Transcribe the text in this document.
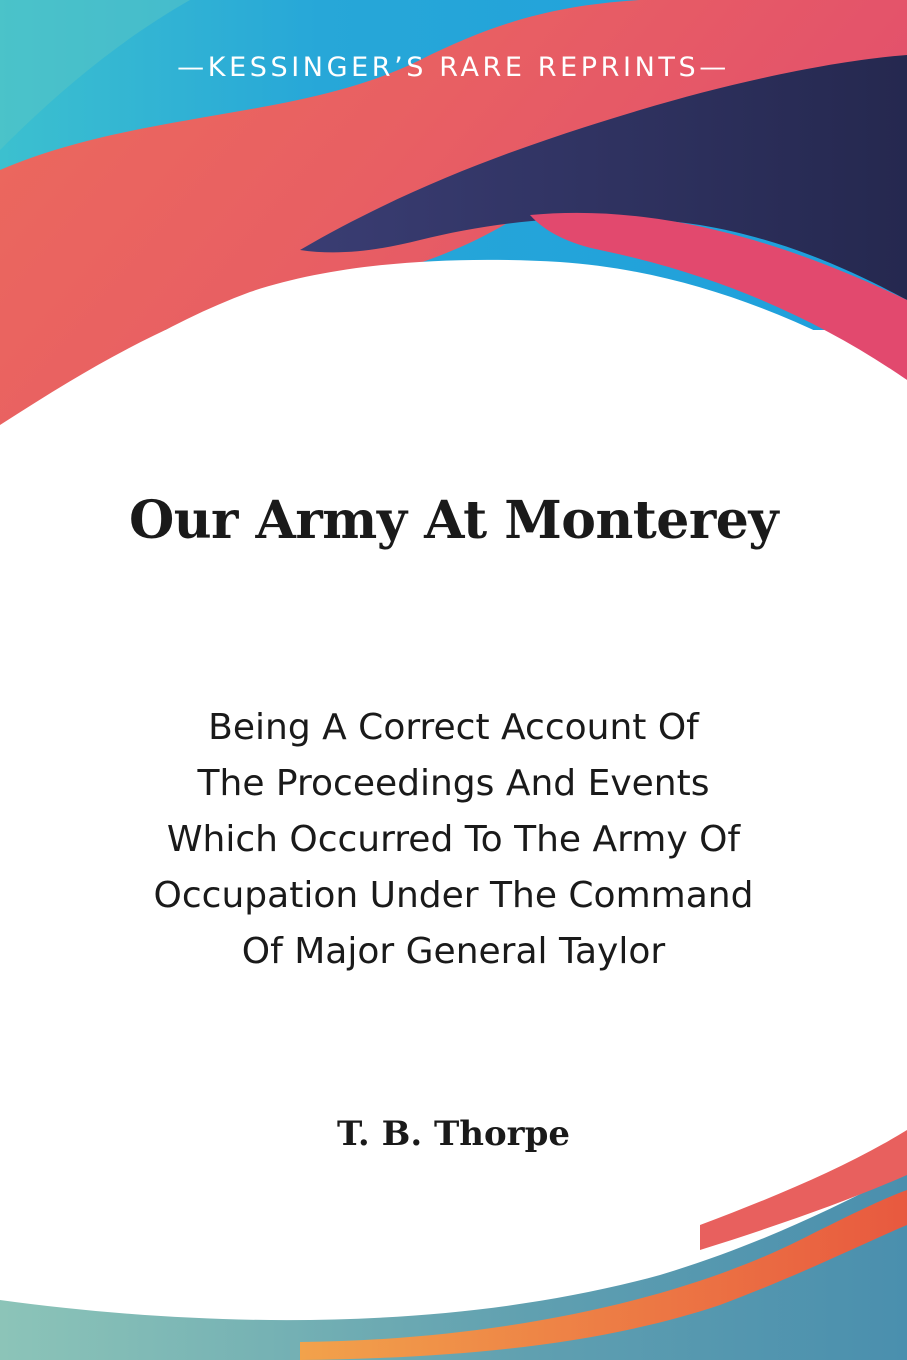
—KESSINGER’S RARE REPRINTS—
Our Army At Monterey
Being A Correct Account Of
The Proceedings And Events
Which Occurred To The Army Of
Occupation Under The Command
Of Major General Taylor
T. B. Thorpe
